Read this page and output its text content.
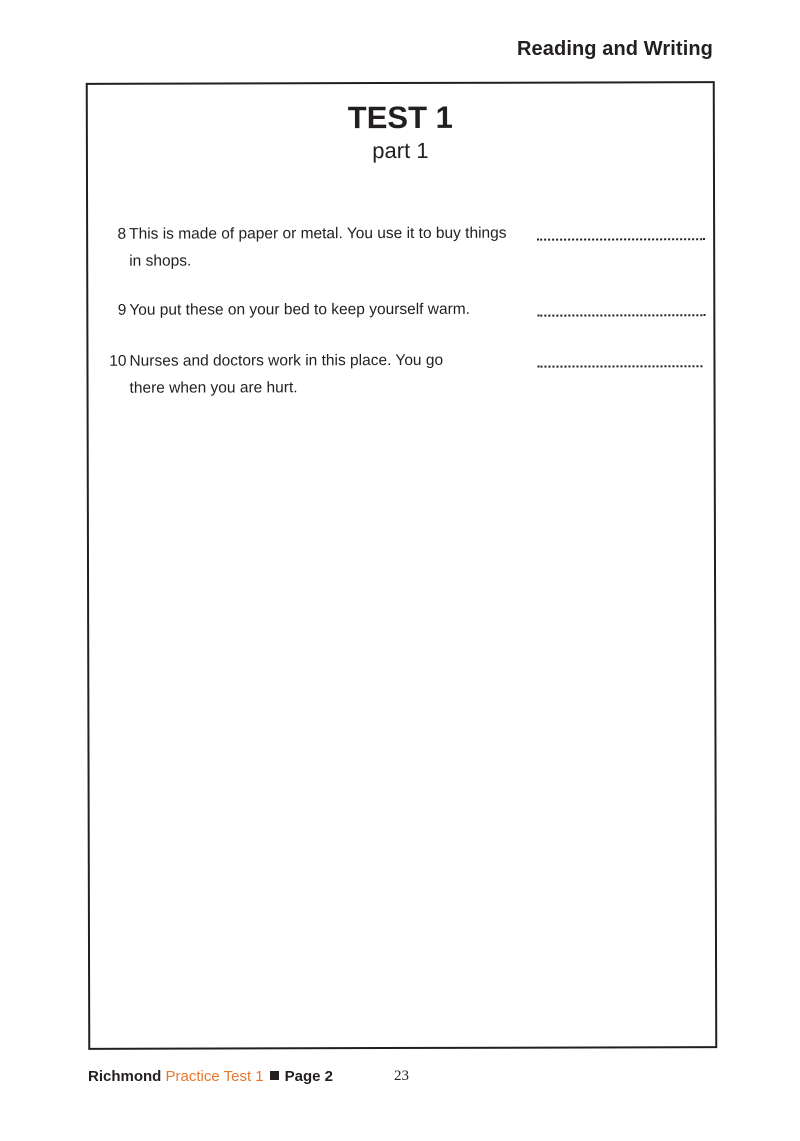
Reading and Writing
TEST 1
part 1
8 This is made of paper or metal. You use it to buy things in shops.
9 You put these on your bed to keep yourself warm.
10 Nurses and doctors work in this place. You go there when you are hurt.
Richmond Practice Test 1 Page 2	23
